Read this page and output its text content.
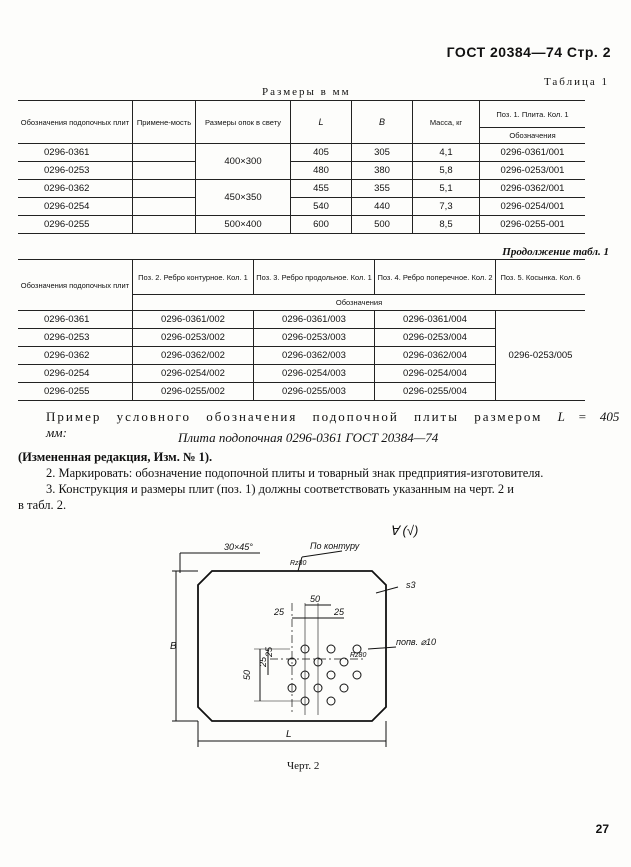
ГОСТ 20384—74 Стр. 2
Таблица 1
Размеры в мм
Обозначения подопочных плит	Примене-мость	Размеры опок в свету	L	B	Масса, кг	Поз. 1. Плита. Кол. 1
						Обозначения
0296-0361		400×300	405	305	4,1	0296-0361/001
0296-0253			480	380	5,8	0296-0253/001
0296-0362		450×350	455	355	5,1	0296-0362/001
0296-0254			540	440	7,3	0296-0254/001
0296-0255		500×400	600	500	8,5	0296-0255-001
Продолжение табл. 1
Обозначения подопочных плит	Поз. 2. Ребро контурное. Кол. 1	Поз. 3. Ребро продольное. Кол. 1	Поз. 4. Ребро поперечное. Кол. 2	Поз. 5. Косынка. Кол. 6
	Обозначения			
0296-0361	0296-0361/002	0296-0361/003	0296-0361/004	0296-0253/005
0296-0253	0296-0253/002	0296-0253/003	0296-0253/004	
0296-0362	0296-0362/002	0296-0362/003	0296-0362/004	
0296-0254	0296-0254/002	0296-0254/003	0296-0254/004	
0296-0255	0296-0255/002	0296-0255/003	0296-0255/004	
Пример условного обозначения подопочной плиты размером L = 405 мм:	Плита подопочная 0296-0361 ГОСТ 20384—74
(Измененная редакция, Изм. № 1).
2. Маркировать: обозначение подопочной плиты и товарный знак предприятия-изготовителя.
3. Конструкция и размеры плит (поз. 1) должны соответствовать указанным на черт. 2 и
в табл. 2.
∀ (√)
30×45°	По контуру
Rz80
s3
попв. ⌀10
Rz80
25
50
25
50
25
25
B
L
Черт. 2
27
